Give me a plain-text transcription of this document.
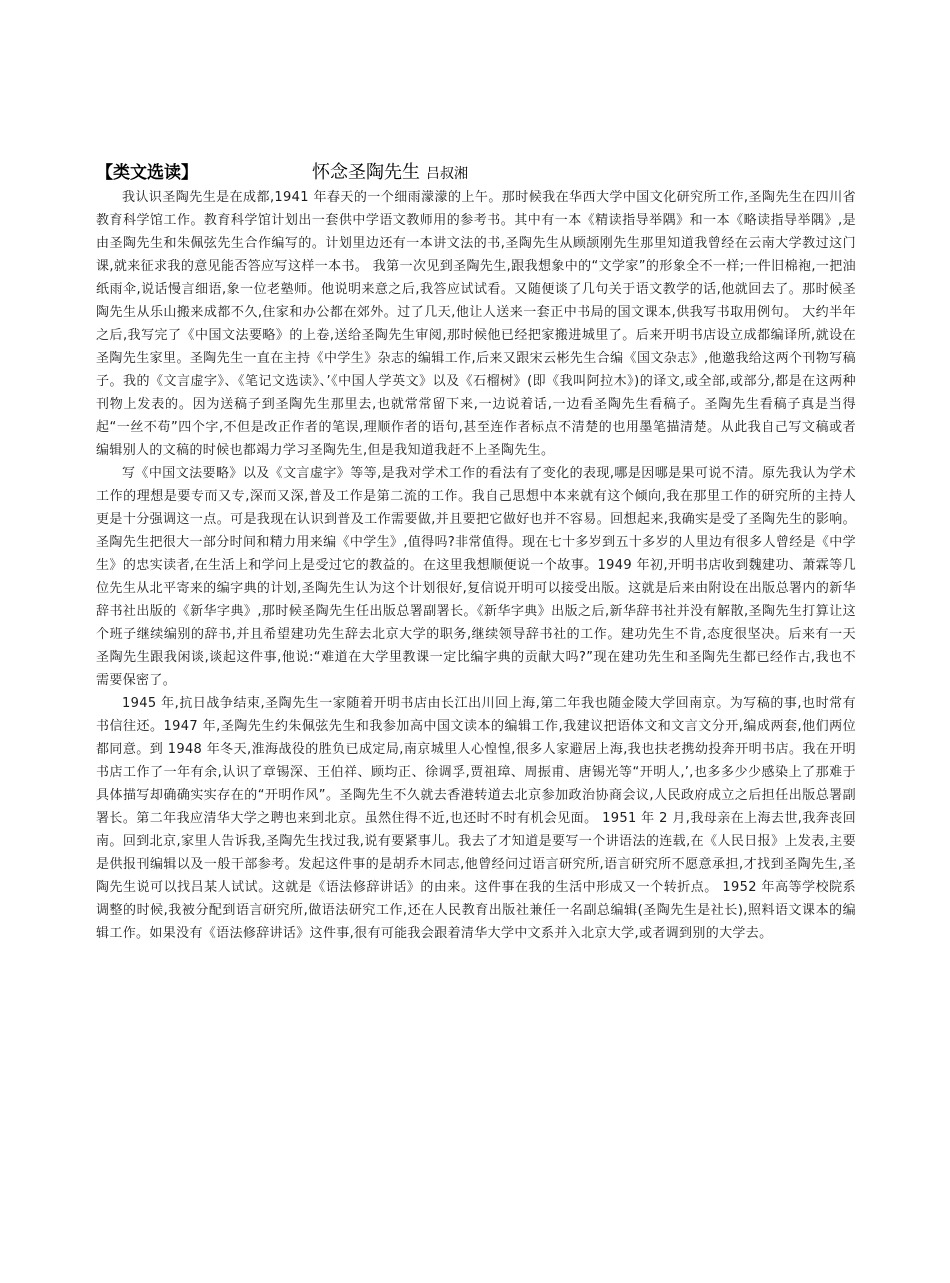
【类文选读】	怀念圣陶先生 吕叔湘

我认识圣陶先生是在成都,1941 年春天的一个细雨濛濛的上午。那时候我在华西大学中国文化研究所工作,圣陶先生在四川省教育科学馆工作。教育科学馆计划出一套供中学语文教师用的参考书。其中有一本《精读指导举隅》和一本《略读指导举隅》,是由圣陶先生和朱佩弦先生合作编写的。计划里边还有一本讲文法的书,圣陶先生从顾颉刚先生那里知道我曾经在云南大学教过这门课,就来征求我的意见能否答应写这样一本书。 我第一次见到圣陶先生,跟我想象中的“文学家”的形象全不一样;一件旧棉袍,一把油纸雨伞,说话慢言细语,象一位老塾师。他说明来意之后,我答应试试看。又随便谈了几句关于语文教学的话,他就回去了。那时候圣陶先生从乐山搬来成都不久,住家和办公都在郊外。过了几天,他让人送来一套正中书局的国文课本,供我写书取用例句。 大约半年之后,我写完了《中国文法要略》的上卷,送给圣陶先生审阅,那时候他已经把家搬进城里了。后来开明书店设立成都编译所,就设在圣陶先生家里。圣陶先生一直在主持《中学生》杂志的编辑工作,后来又跟宋云彬先生合编《国文杂志》,他邀我给这两个刊物写稿子。我的《文言虚字》、《笔记文选读》、’《中国人学英文》以及《石榴树》(即《我叫阿拉木》)的译文,或全部,或部分,都是在这两种刊物上发表的。因为送稿子到圣陶先生那里去,也就常常留下来,一边说着话,一边看圣陶先生看稿子。圣陶先生看稿子真是当得起“一丝不苟”四个字,不但是改正作者的笔误,理顺作者的语句,甚至连作者标点不清楚的也用墨笔描清楚。从此我自己写文稿或者编辑别人的文稿的时候也都竭力学习圣陶先生,但是我知道我赶不上圣陶先生。

写《中国文法要略》以及《文言虚字》等等,是我对学术工作的看法有了变化的表现,哪是因哪是果可说不清。原先我认为学术工作的理想是要专而又专,深而又深,普及工作是第二流的工作。我自己思想中本来就有这个倾向,我在那里工作的研究所的主持人更是十分强调这一点。可是我现在认识到普及工作需要做,并且要把它做好也并不容易。回想起来,我确实是受了圣陶先生的影响。圣陶先生把很大一部分时间和精力用来编《中学生》,值得吗?非常值得。现在七十多岁到五十多岁的人里边有很多人曾经是《中学生》的忠实读者,在生活上和学问上是受过它的教益的。在这里我想顺便说一个故事。1949 年初,开明书店收到魏建功、萧霖等几位先生从北平寄来的编字典的计划,圣陶先生认为这个计划很好,复信说开明可以接受出版。这就是后来由附设在出版总署内的新华辞书社出版的《新华字典》,那时候圣陶先生任出版总署副署长。《新华字典》出版之后,新华辞书社并没有解散,圣陶先生打算让这个班子继续编别的辞书,并且希望建功先生辞去北京大学的职务,继续领导辞书社的工作。建功先生不肯,态度很坚决。后来有一天圣陶先生跟我闲谈,谈起这件事,他说:“难道在大学里教课一定比编字典的贡献大吗?”现在建功先生和圣陶先生都已经作古,我也不需要保密了。

1945 年,抗日战争结束,圣陶先生一家随着开明书店由长江出川回上海,第二年我也随金陵大学回南京。为写稿的事,也时常有书信往还。1947 年,圣陶先生约朱佩弦先生和我参加高中国文读本的编辑工作,我建议把语体文和文言文分开,编成两套,他们两位都同意。到 1948 年冬天,淮海战役的胜负已成定局,南京城里人心惶惶,很多人家避居上海,我也扶老携幼投奔开明书店。我在开明书店工作了一年有余,认识了章锡深、王伯祥、顾均正、徐调孚,贾祖璋、周振甫、唐锡光等“开明人,’,也多多少少感染上了那难于具体描写却确确实实存在的“开明作风”。圣陶先生不久就去香港转道去北京参加政治协商会议,人民政府成立之后担任出版总署副署长。第二年我应清华大学之聘也来到北京。虽然住得不近,也还时不时有机会见面。 1951 年 2 月,我母亲在上海去世,我奔丧回南。回到北京,家里人告诉我,圣陶先生找过我,说有要紧事儿。我去了才知道是要写一个讲语法的连载,在《人民日报》上发表,主要是供报刊编辑以及一般干部参考。发起这件事的是胡乔木同志,他曾经问过语言研究所,语言研究所不愿意承担,才找到圣陶先生,圣陶先生说可以找吕某人试试。这就是《语法修辞讲话》的由来。这件事在我的生活中形成又一个转折点。 1952 年高等学校院系调整的时候,我被分配到语言研究所,做语法研究工作,还在人民教育出版社兼任一名副总编辑(圣陶先生是社长),照料语文课本的编辑工作。如果没有《语法修辞讲话》这件事,很有可能我会跟着清华大学中文系并入北京大学,或者调到别的大学去。
